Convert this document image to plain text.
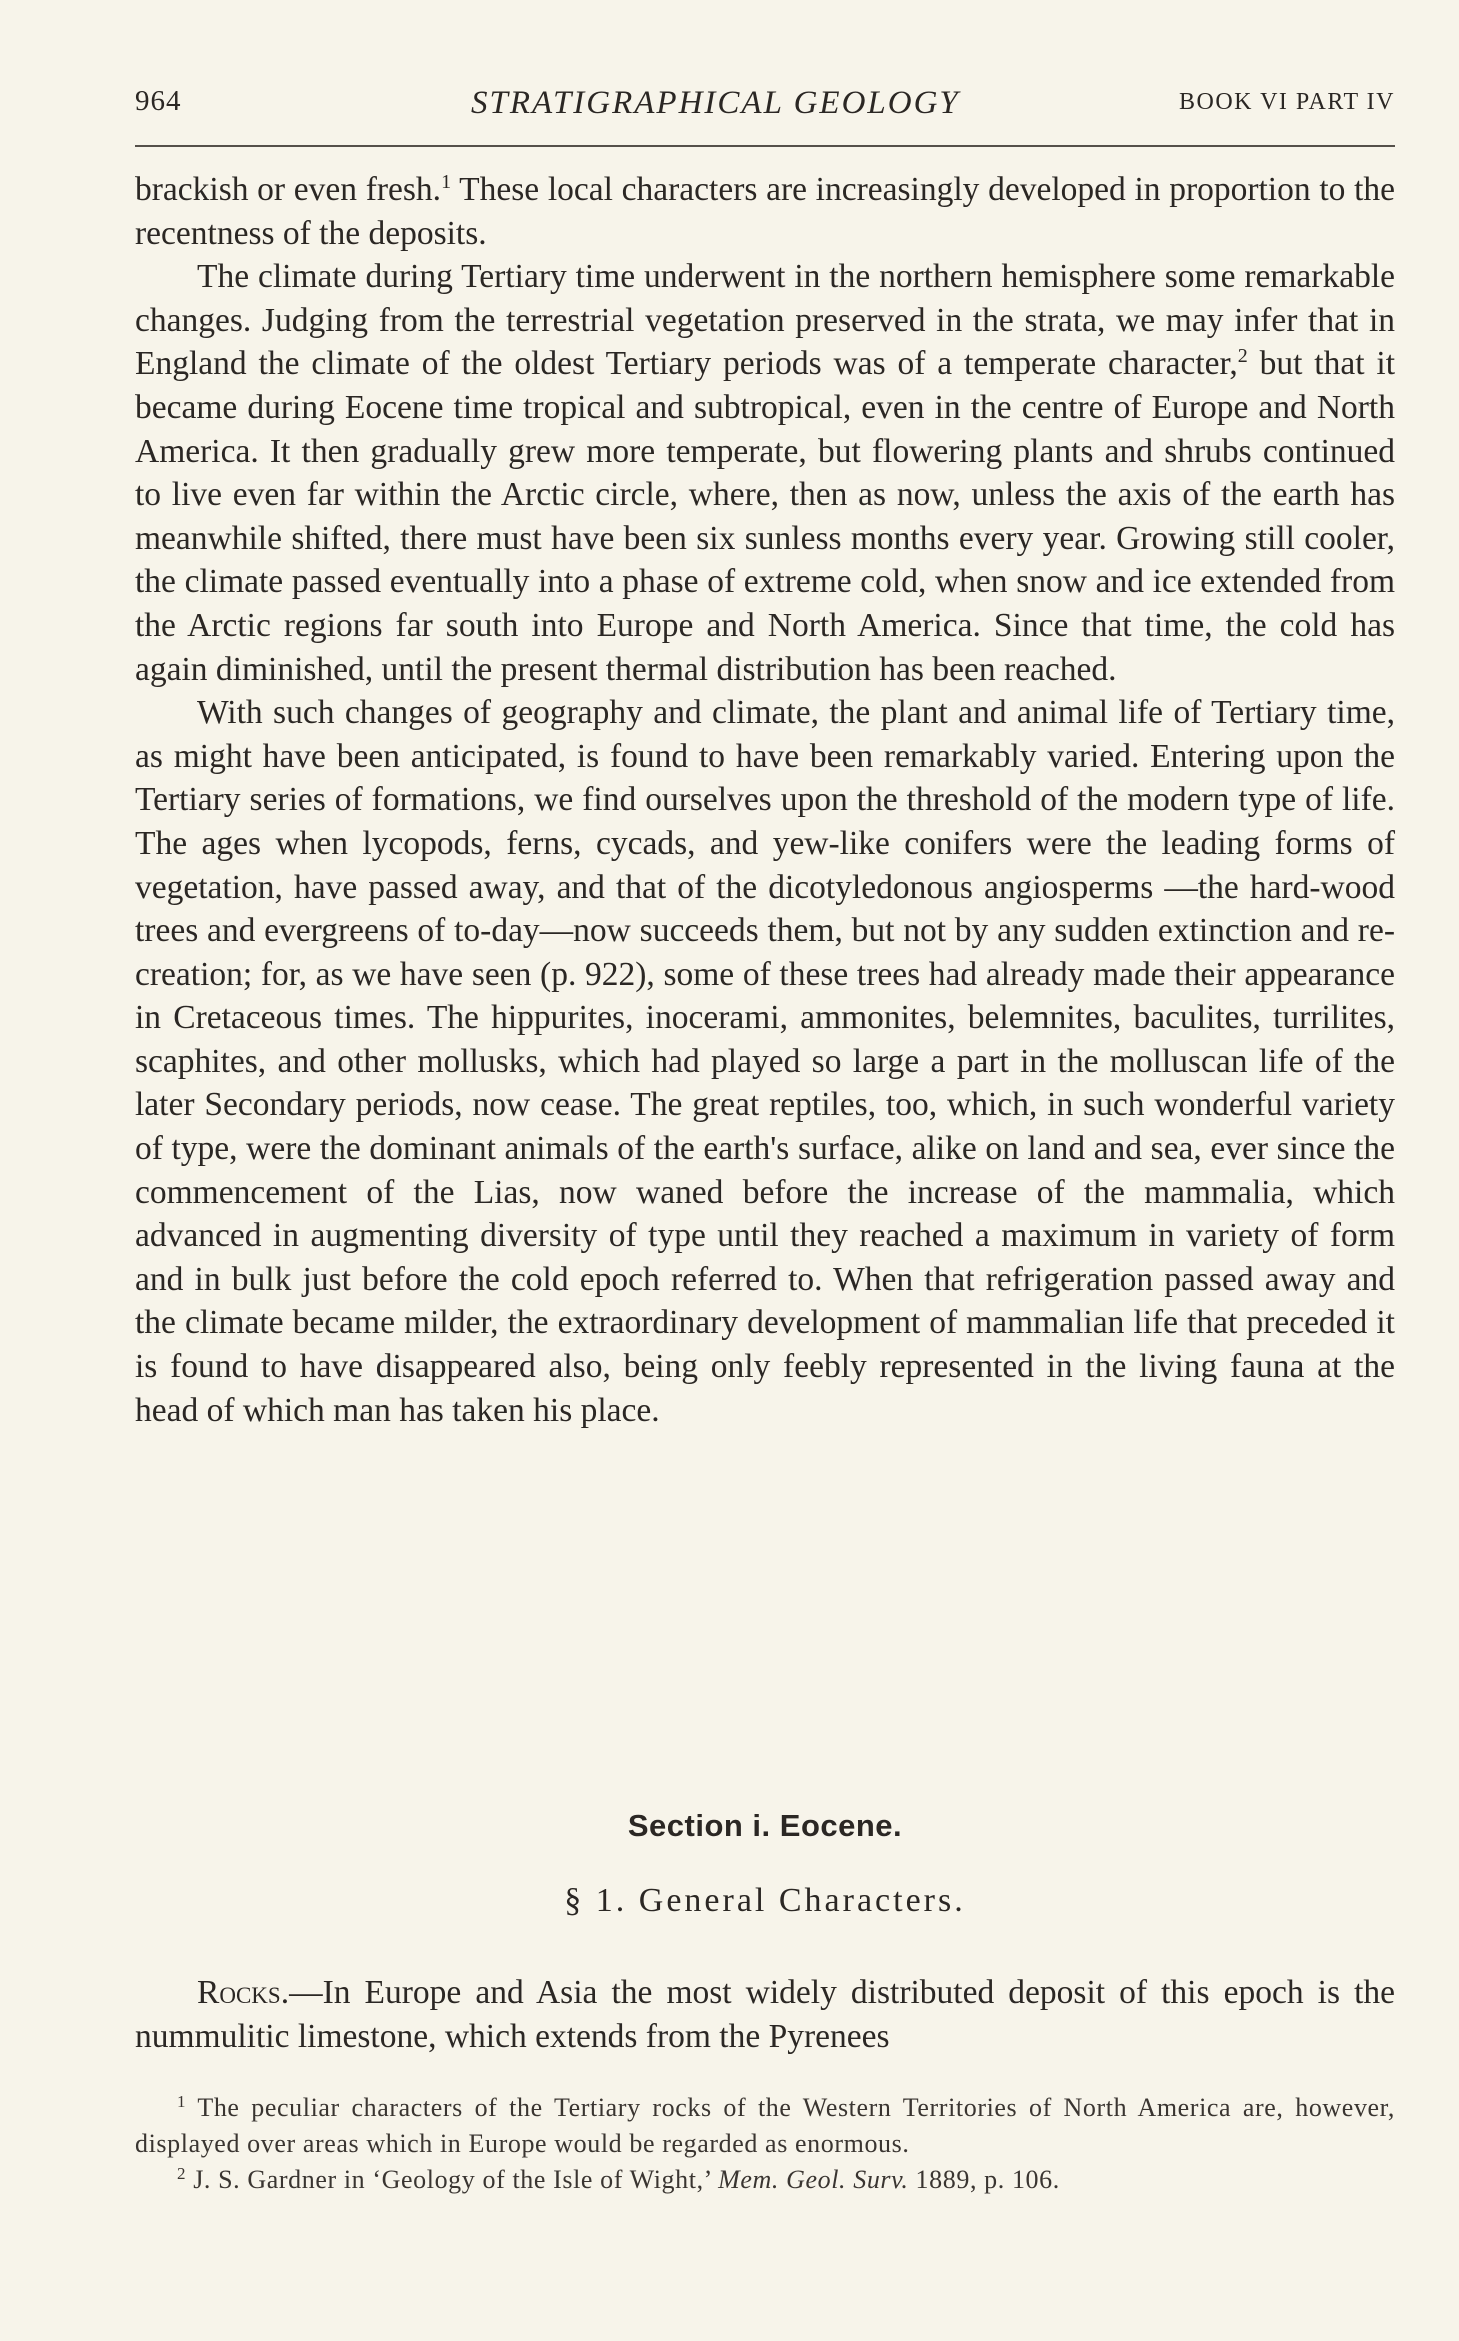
964	STRATIGRAPHICAL GEOLOGY	BOOK VI PART IV

brackish or even fresh.$^1$ These local characters are increasingly developed in proportion to the recentness of the deposits.

The climate during Tertiary time underwent in the northern hemisphere some remarkable changes. Judging from the terrestrial vegetation preserved in the strata, we may infer that in England the climate of the oldest Tertiary periods was of a temperate character,$^2$ but that it became during Eocene time tropical and subtropical, even in the centre of Europe and North America. It then gradually grew more temperate, but flowering plants and shrubs continued to live even far within the Arctic circle, where, then as now, unless the axis of the earth has meanwhile shifted, there must have been six sunless months every year. Growing still cooler, the climate passed eventually into a phase of extreme cold, when snow and ice extended from the Arctic regions far south into Europe and North America. Since that time, the cold has again diminished, until the present thermal distribution has been reached.

With such changes of geography and climate, the plant and animal life of Tertiary time, as might have been anticipated, is found to have been remarkably varied. Entering upon the Tertiary series of formations, we find ourselves upon the threshold of the modern type of life. The ages when lycopods, ferns, cycads, and yew-like conifers were the leading forms of vegetation, have passed away, and that of the dicotyledonous angiosperms —the hard-wood trees and evergreens of to-day—now succeeds them, but not by any sudden extinction and re-creation; for, as we have seen (p. 922), some of these trees had already made their appearance in Cretaceous times. The hippurites, inocerami, ammonites, belemnites, baculites, turrilites, scaphites, and other mollusks, which had played so large a part in the molluscan life of the later Secondary periods, now cease. The great reptiles, too, which, in such wonderful variety of type, were the dominant animals of the earth's surface, alike on land and sea, ever since the commencement of the Lias, now waned before the increase of the mammalia, which advanced in augmenting diversity of type until they reached a maximum in variety of form and in bulk just before the cold epoch referred to. When that refrigeration passed away and the climate became milder, the extraordinary development of mammalian life that preceded it is found to have disappeared also, being only feebly represented in the living fauna at the head of which man has taken his place.

Section i. Eocene.
§ 1. General Characters.

Rocks.—In Europe and Asia the most widely distributed deposit of this epoch is the nummulitic limestone, which extends from the Pyrenees

$^1$ The peculiar characters of the Tertiary rocks of the Western Territories of North America are, however, displayed over areas which in Europe would be regarded as enormous.

$^2$ J. S. Gardner in ‘Geology of the Isle of Wight,’ Mem. Geol. Surv. 1889, p. 106.
